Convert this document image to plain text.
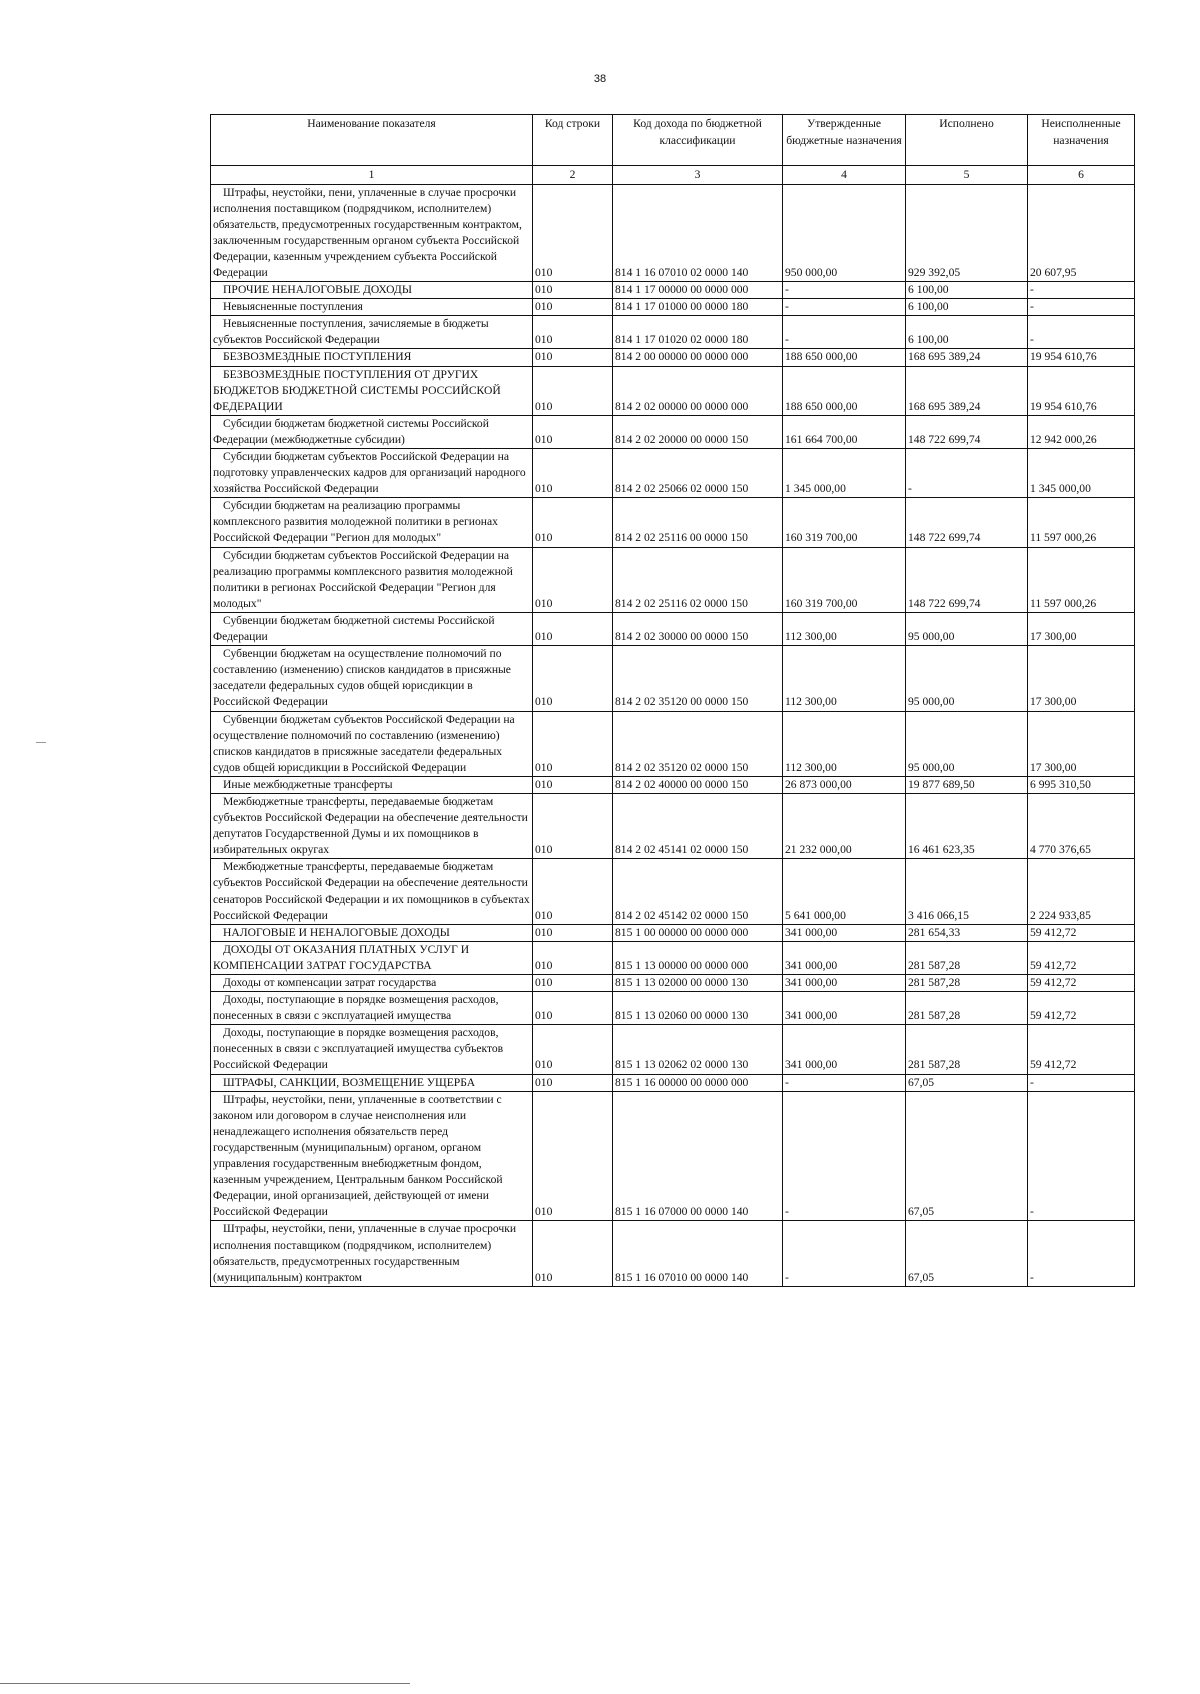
38
Наименование показателя	Код строки	Код дохода по бюджетной классификации	Утвержденные бюджетные назначения	Исполнено	Неисполненные назначения
1	2	3	4	5	6
Штрафы, неустойки, пени, уплаченные в случае просрочки исполнения поставщиком (подрядчиком, исполнителем) обязательств, предусмотренных государственным контрактом, заключенным государственным органом субъекта Российской Федерации, казенным учреждением субъекта Российской Федерации	010	814 1 16 07010 02 0000 140	950 000,00	929 392,05	20 607,95
ПРОЧИЕ НЕНАЛОГОВЫЕ ДОХОДЫ	010	814 1 17 00000 00 0000 000	-	6 100,00	-
Невыясненные поступления	010	814 1 17 01000 00 0000 180	-	6 100,00	-
Невыясненные поступления, зачисляемые в бюджеты субъектов Российской Федерации	010	814 1 17 01020 02 0000 180	-	6 100,00	-
БЕЗВОЗМЕЗДНЫЕ ПОСТУПЛЕНИЯ	010	814 2 00 00000 00 0000 000	188 650 000,00	168 695 389,24	19 954 610,76
БЕЗВОЗМЕЗДНЫЕ ПОСТУПЛЕНИЯ ОТ ДРУГИХ БЮДЖЕТОВ БЮДЖЕТНОЙ СИСТЕМЫ РОССИЙСКОЙ ФЕДЕРАЦИИ	010	814 2 02 00000 00 0000 000	188 650 000,00	168 695 389,24	19 954 610,76
Субсидии бюджетам бюджетной системы Российской Федерации (межбюджетные субсидии)	010	814 2 02 20000 00 0000 150	161 664 700,00	148 722 699,74	12 942 000,26
Субсидии бюджетам субъектов Российской Федерации на подготовку управленческих кадров для организаций народного хозяйства Российской Федерации	010	814 2 02 25066 02 0000 150	1 345 000,00	-	1 345 000,00
Субсидии бюджетам на реализацию программы комплексного развития молодежной политики в регионах Российской Федерации "Регион для молодых"	010	814 2 02 25116 00 0000 150	160 319 700,00	148 722 699,74	11 597 000,26
Субсидии бюджетам субъектов Российской Федерации на реализацию программы комплексного развития молодежной политики в регионах Российской Федерации "Регион для молодых"	010	814 2 02 25116 02 0000 150	160 319 700,00	148 722 699,74	11 597 000,26
Субвенции бюджетам бюджетной системы Российской Федерации	010	814 2 02 30000 00 0000 150	112 300,00	95 000,00	17 300,00
Субвенции бюджетам на осуществление полномочий по составлению (изменению) списков кандидатов в присяжные заседатели федеральных судов общей юрисдикции в Российской Федерации	010	814 2 02 35120 00 0000 150	112 300,00	95 000,00	17 300,00
Субвенции бюджетам субъектов Российской Федерации на осуществление полномочий по составлению (изменению) списков кандидатов в присяжные заседатели федеральных судов общей юрисдикции в Российской Федерации	010	814 2 02 35120 02 0000 150	112 300,00	95 000,00	17 300,00
Иные межбюджетные трансферты	010	814 2 02 40000 00 0000 150	26 873 000,00	19 877 689,50	6 995 310,50
Межбюджетные трансферты, передаваемые бюджетам субъектов Российской Федерации на обеспечение деятельности депутатов Государственной Думы и их помощников в избирательных округах	010	814 2 02 45141 02 0000 150	21 232 000,00	16 461 623,35	4 770 376,65
Межбюджетные трансферты, передаваемые бюджетам субъектов Российской Федерации на обеспечение деятельности сенаторов Российской Федерации и их помощников в субъектах Российской Федерации	010	814 2 02 45142 02 0000 150	5 641 000,00	3 416 066,15	2 224 933,85
НАЛОГОВЫЕ И НЕНАЛОГОВЫЕ ДОХОДЫ	010	815 1 00 00000 00 0000 000	341 000,00	281 654,33	59 412,72
ДОХОДЫ ОТ ОКАЗАНИЯ ПЛАТНЫХ УСЛУГ И КОМПЕНСАЦИИ ЗАТРАТ ГОСУДАРСТВА	010	815 1 13 00000 00 0000 000	341 000,00	281 587,28	59 412,72
Доходы от компенсации затрат государства	010	815 1 13 02000 00 0000 130	341 000,00	281 587,28	59 412,72
Доходы, поступающие в порядке возмещения расходов, понесенных в связи с эксплуатацией имущества	010	815 1 13 02060 00 0000 130	341 000,00	281 587,28	59 412,72
Доходы, поступающие в порядке возмещения расходов, понесенных в связи с эксплуатацией имущества субъектов Российской Федерации	010	815 1 13 02062 02 0000 130	341 000,00	281 587,28	59 412,72
ШТРАФЫ, САНКЦИИ, ВОЗМЕЩЕНИЕ УЩЕРБА	010	815 1 16 00000 00 0000 000	-	67,05	-
Штрафы, неустойки, пени, уплаченные в соответствии с законом или договором в случае неисполнения или ненадлежащего исполнения обязательств перед государственным (муниципальным) органом, органом управления государственным внебюджетным фондом, казенным учреждением, Центральным банком Российской Федерации, иной организацией, действующей от имени Российской Федерации	010	815 1 16 07000 00 0000 140	-	67,05	-
Штрафы, неустойки, пени, уплаченные в случае просрочки исполнения поставщиком (подрядчиком, исполнителем) обязательств, предусмотренных государственным (муниципальным) контрактом	010	815 1 16 07010 00 0000 140	-	67,05	-
